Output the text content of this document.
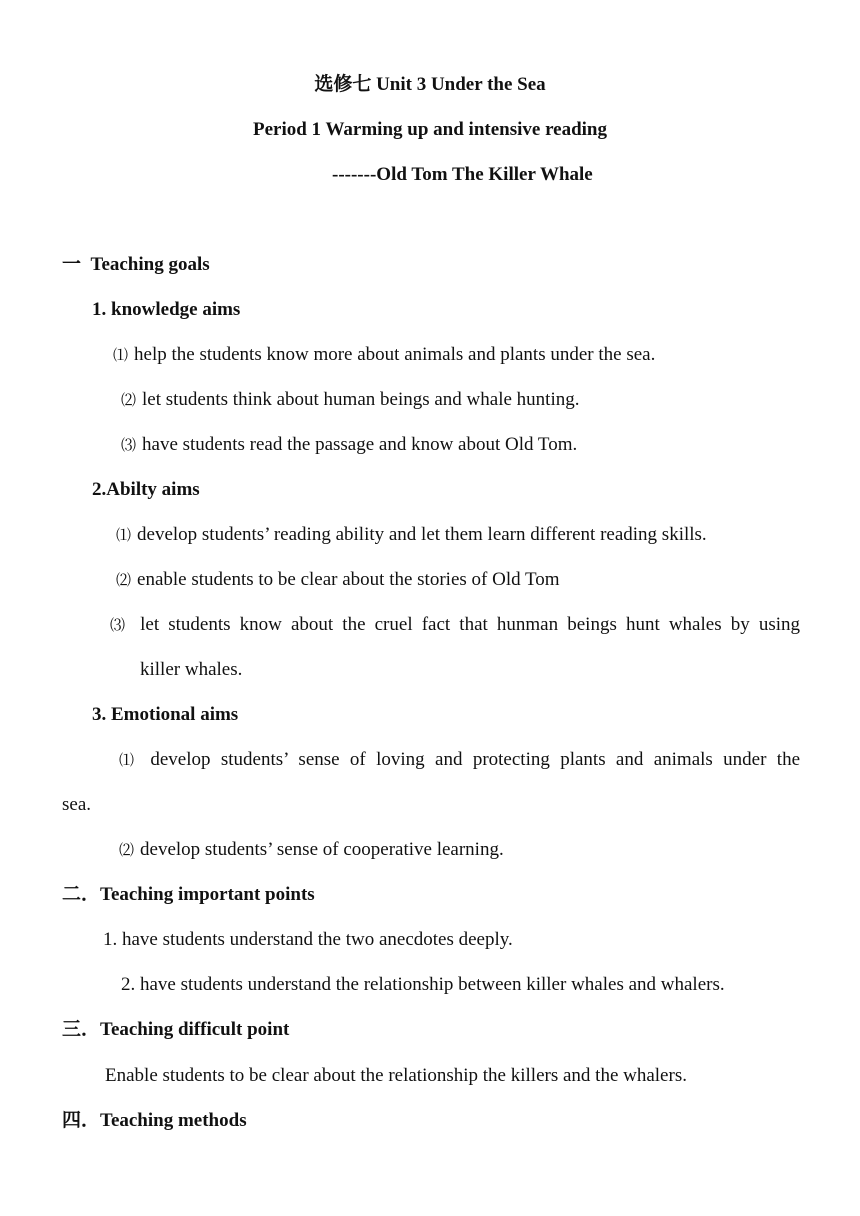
选修七 Unit 3 Under the Sea
Period 1 Warming up and intensive reading
-------Old Tom The Killer Whale
一 Teaching goals
1. knowledge aims
⑴ help the students know more about animals and plants under the sea.
⑵ let students think about human beings and whale hunting.
⑶ have students read the passage and know about Old Tom.
2.Abilty aims
⑴ develop students’ reading ability and let them learn different reading skills.
⑵ enable students to be clear about the stories of Old Tom
⑶ let students know about the cruel fact that hunman beings hunt whales by using
killer whales.
3. Emotional aims
⑴ develop students’ sense of loving and protecting plants and animals under the
sea.
⑵ develop students’ sense of cooperative learning.
二．Teaching important points
1. have students understand the two anecdotes deeply.
2. have students understand the relationship between killer whales and whalers.
三．Teaching difficult point
Enable students to be clear about the relationship the killers and the whalers.
四．Teaching methods
